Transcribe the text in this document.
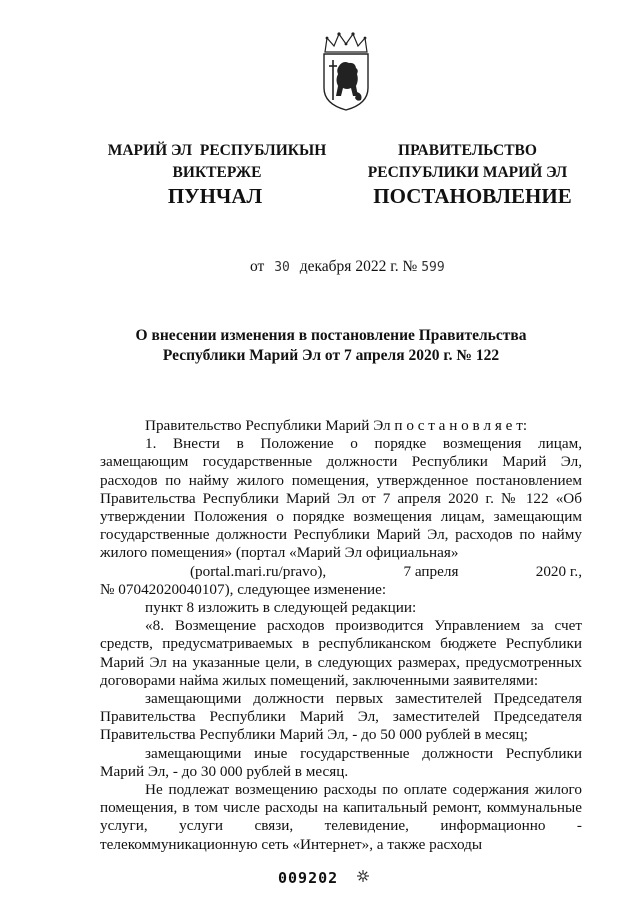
МАРИЙ ЭЛ  РЕСПУБЛИКЫН
ВИКТЕРЖЕ
ПРАВИТЕЛЬСТВО
РЕСПУБЛИКИ МАРИЙ ЭЛ
ПУНЧАЛ	ПОСТАНОВЛЕНИЕ
от 30 декабря 2022 г. № 599
О внесении изменения в постановление Правительства
Республики Марий Эл от 7 апреля 2020 г. № 122

Правительство Республики Марий Эл п о с т а н о в л я е т:

1. Внести в Положение о порядке возмещения лицам, замещающим государственные должности Республики Марий Эл, расходов по найму жилого помещения, утвержденное постановлением Правительства Республики Марий Эл от 7 апреля 2020 г. № 122 «Об утверждении Положения о порядке возмещения лицам, замещающим государственные должности Республики Марий Эл, расходов по найму жилого помещения» (портал «Марий Эл официальная»

(portal.mari.ru/pravo),	7 апреля	2020 г.,

№ 07042020040107), следующее изменение:

пункт 8 изложить в следующей редакции:

«8. Возмещение расходов производится Управлением за счет средств, предусматриваемых в республиканском бюджете Республики Марий Эл на указанные цели, в следующих размерах, предусмотренных договорами найма жилых помещений, заключенными заявителями:

замещающими должности первых заместителей Председателя Правительства Республики Марий Эл, заместителей Председателя Правительства Республики Марий Эл, - до 50 000 рублей в месяц;

замещающими иные государственные должности Республики Марий Эл, - до 30 000 рублей в месяц.

Не подлежат возмещению расходы по оплате содержания жилого помещения, в том числе расходы на капитальный ремонт, коммунальные услуги, услуги связи, телевидение, информационно - телекоммуникационную сеть «Интернет», а также расходы

009202
